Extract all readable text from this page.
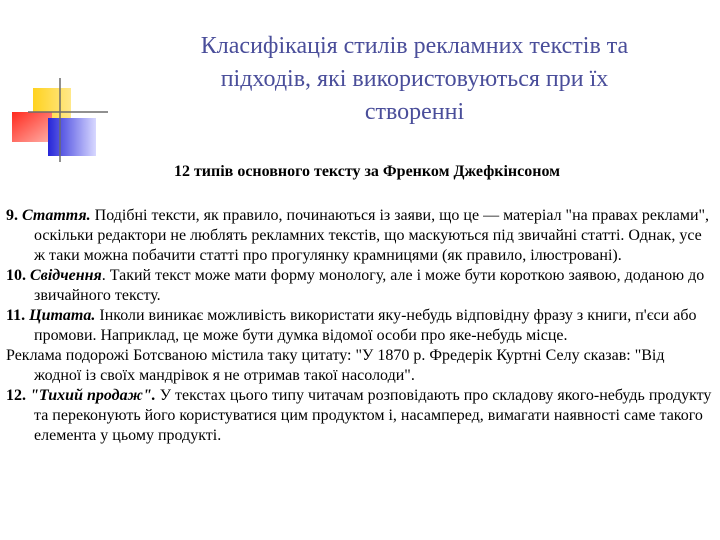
Класифікація стилів рекламних текстів та
підходів, які використовуються при їх
створенні
12 типів основного тексту за Френком Джефкінсоном

9. Стаття. Подібні тексти, як правило, починаються із заяви, що це — матеріал "на правах реклами", оскільки редактори не люблять рекламних текстів, що маскуються під звичайні статті. Однак, усе ж таки можна побачити статті про прогулянку крамницями (як правило, ілюстровані).

10. Свідчення. Такий текст може мати форму монологу, але і може бути короткою заявою, доданою до звичайного тексту.

11. Цитата. Інколи виникає можливість використати яку-небудь відповідну фразу з книги, п'єси або промови. Наприклад, це може бути думка відомої особи про яке-небудь місце.

Реклама подорожі Ботсваною містила таку цитату: "У 1870 р. Фредерік Куртні Селу сказав: "Від жодної із своїх мандрівок я не отримав такої насолоди".

12. "Тихий продаж". У текстах цього типу читачам розповідають про складову якого-небудь продукту та переконують його користуватися цим продуктом і, насамперед, вимагати наявності саме такого елемента у цьому продукті.
